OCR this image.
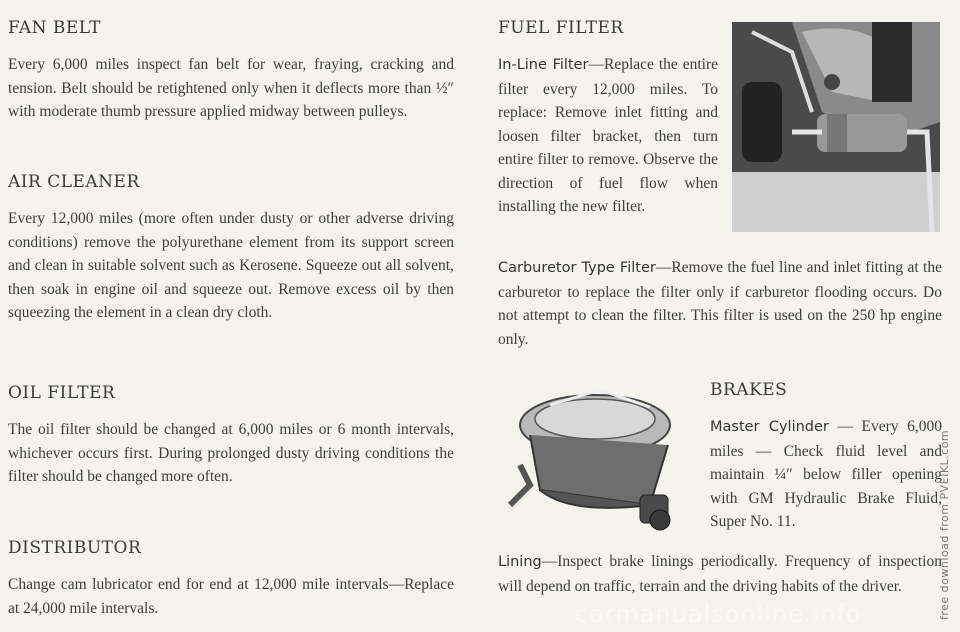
FAN BELT

Every 6,000 miles inspect fan belt for wear, fraying, cracking and tension. Belt should be retightened only when it deflects more than ½″ with moderate thumb pressure applied midway between pulleys.

AIR CLEANER

Every 12,000 miles (more often under dusty or other adverse driving conditions) remove the polyurethane element from its support screen and clean in suitable solvent such as Kerosene. Squeeze out all solvent, then soak in engine oil and squeeze out. Remove excess oil by then squeezing the element in a clean dry cloth.

OIL FILTER

The oil filter should be changed at 6,000 miles or 6 month intervals, whichever occurs first. During prolonged dusty driving conditions the filter should be changed more often.

DISTRIBUTOR

Change cam lubricator end for end at 12,000 mile intervals—Replace at 24,000 mile intervals.

FUEL FILTER

In-Line Filter—Replace the entire filter every 12,000 miles. To replace: Remove inlet fitting and loosen filter bracket, then turn entire filter to remove. Observe the direction of fuel flow when installing the new filter.

Carburetor Type Filter—Remove the fuel line and inlet fitting at the carburetor to replace the filter only if carburetor flooding occurs. Do not attempt to clean the filter. This filter is used on the 250 hp engine only.

BRAKES

Master Cylinder — Every 6,000 miles — Check fluid level and maintain ¼″ below filler opening with GM Hydraulic Brake Fluid, Super No. 11.

Lining—Inspect brake linings periodically. Frequency of inspection will depend on traffic, terrain and the driving habits of the driver.	free download from PVEIKL.com
carmanualsonline.info
